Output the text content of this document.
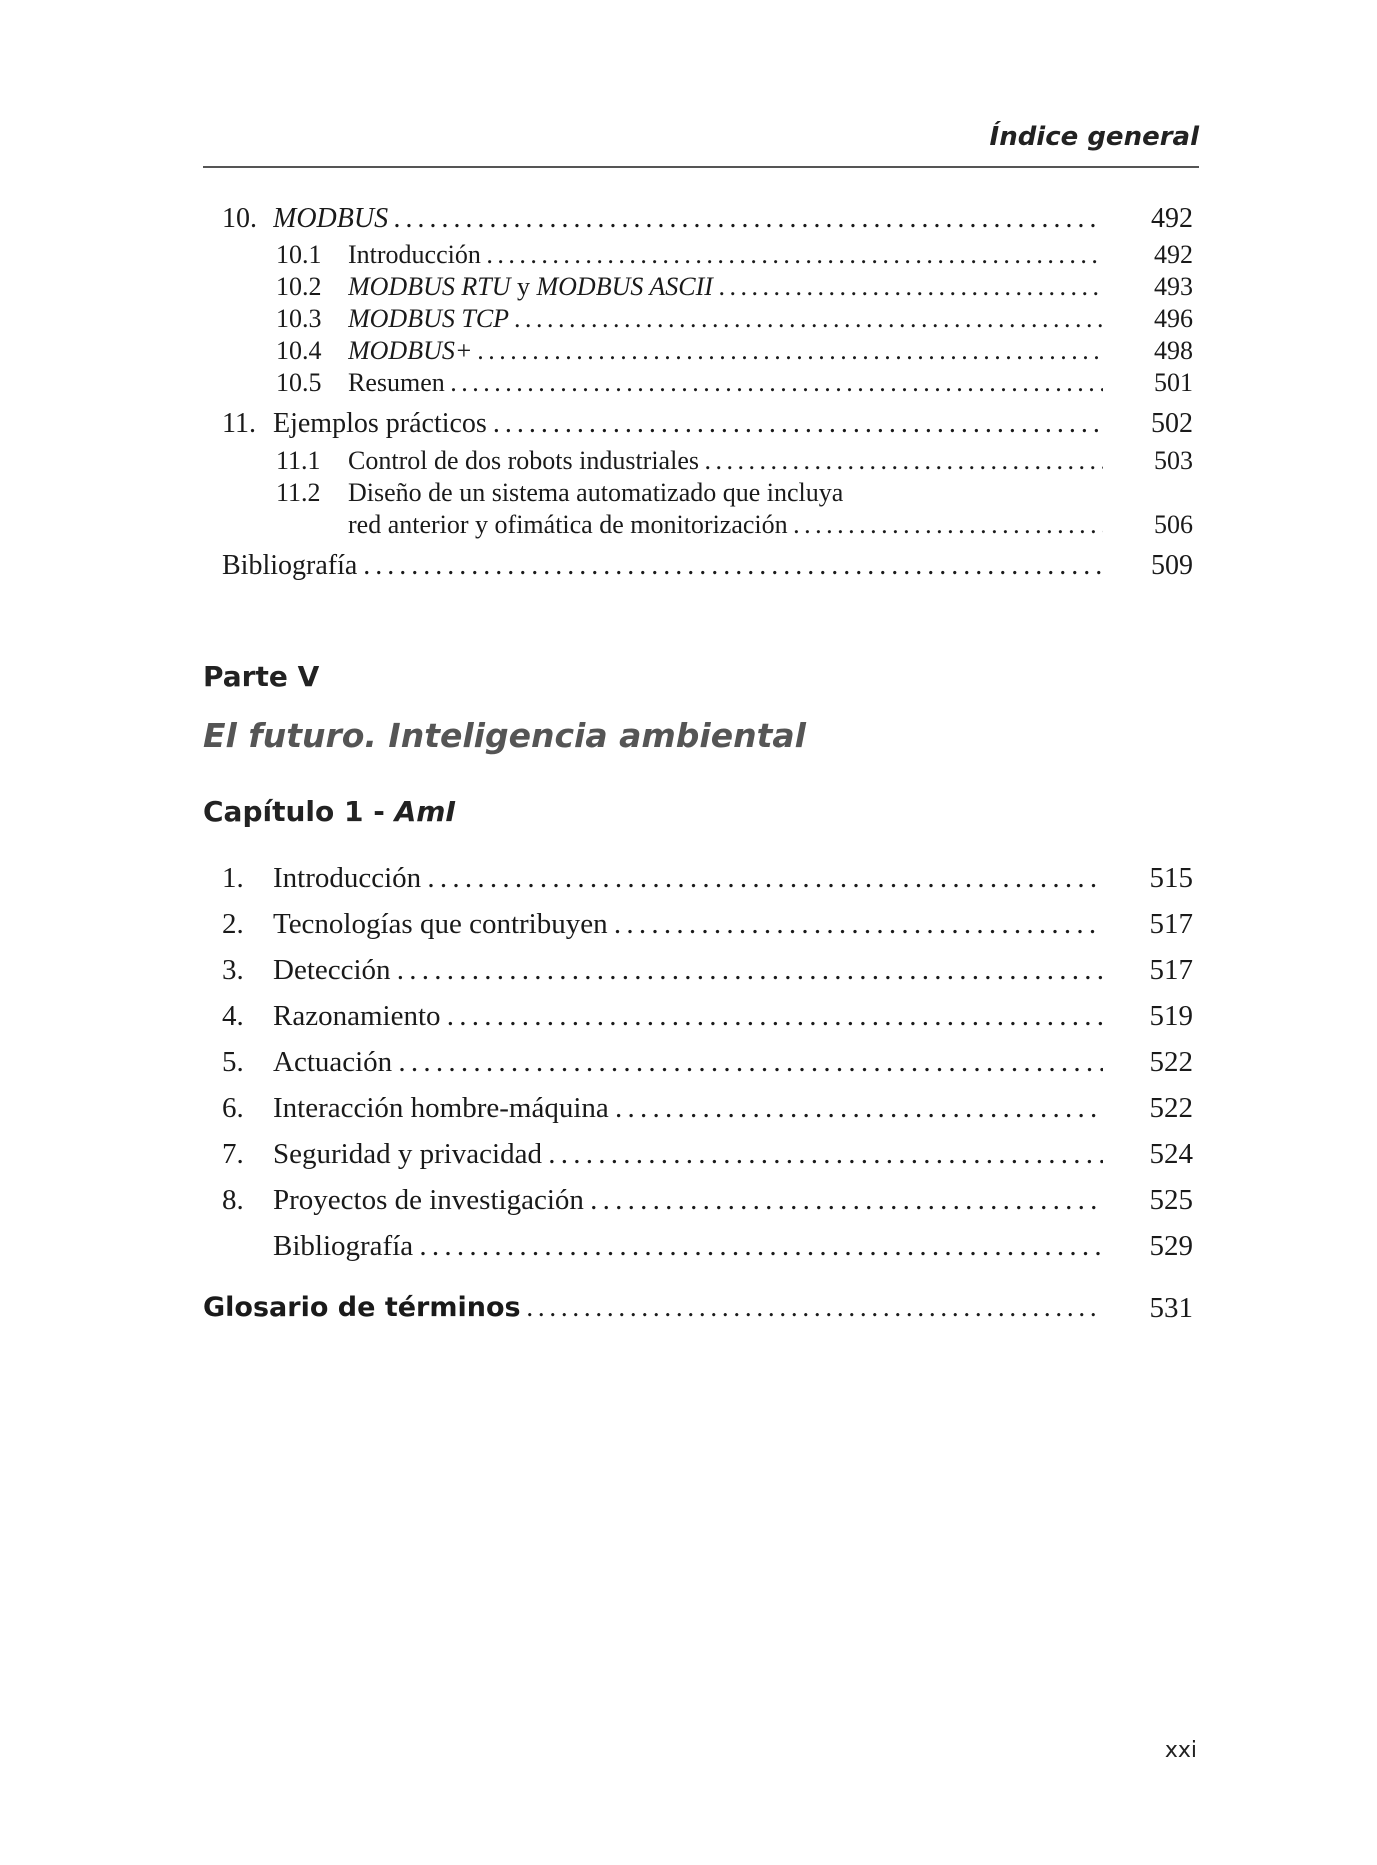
Índice general
10. MODBUS . . .	492
10.1 Introducción . . .	492
10.2 MODBUS RTU y MODBUS ASCII . . .	493
10.3 MODBUS TCP . . .	496
10.4 MODBUS+ . . .	498
10.5 Resumen . . .	501
11. Ejemplos prácticos . . .	502
11.1 Control de dos robots industriales . . .	503
11.2 Diseño de un sistema automatizado que incluya
red anterior y ofimática de monitorización . . .	506
Bibliografía . . .	509
Parte V
El futuro. Inteligencia ambiental
Capítulo 1 - AmI
1. Introducción . . .	515
2. Tecnologías que contribuyen . . .	517
3. Detección . . .	517
4. Razonamiento . . .	519
5. Actuación . . .	522
6. Interacción hombre-máquina . . .	522
7. Seguridad y privacidad . . .	524
8. Proyectos de investigación . . .	525
Bibliografía . . .	529
Glosario de términos . . .	531
xxi
